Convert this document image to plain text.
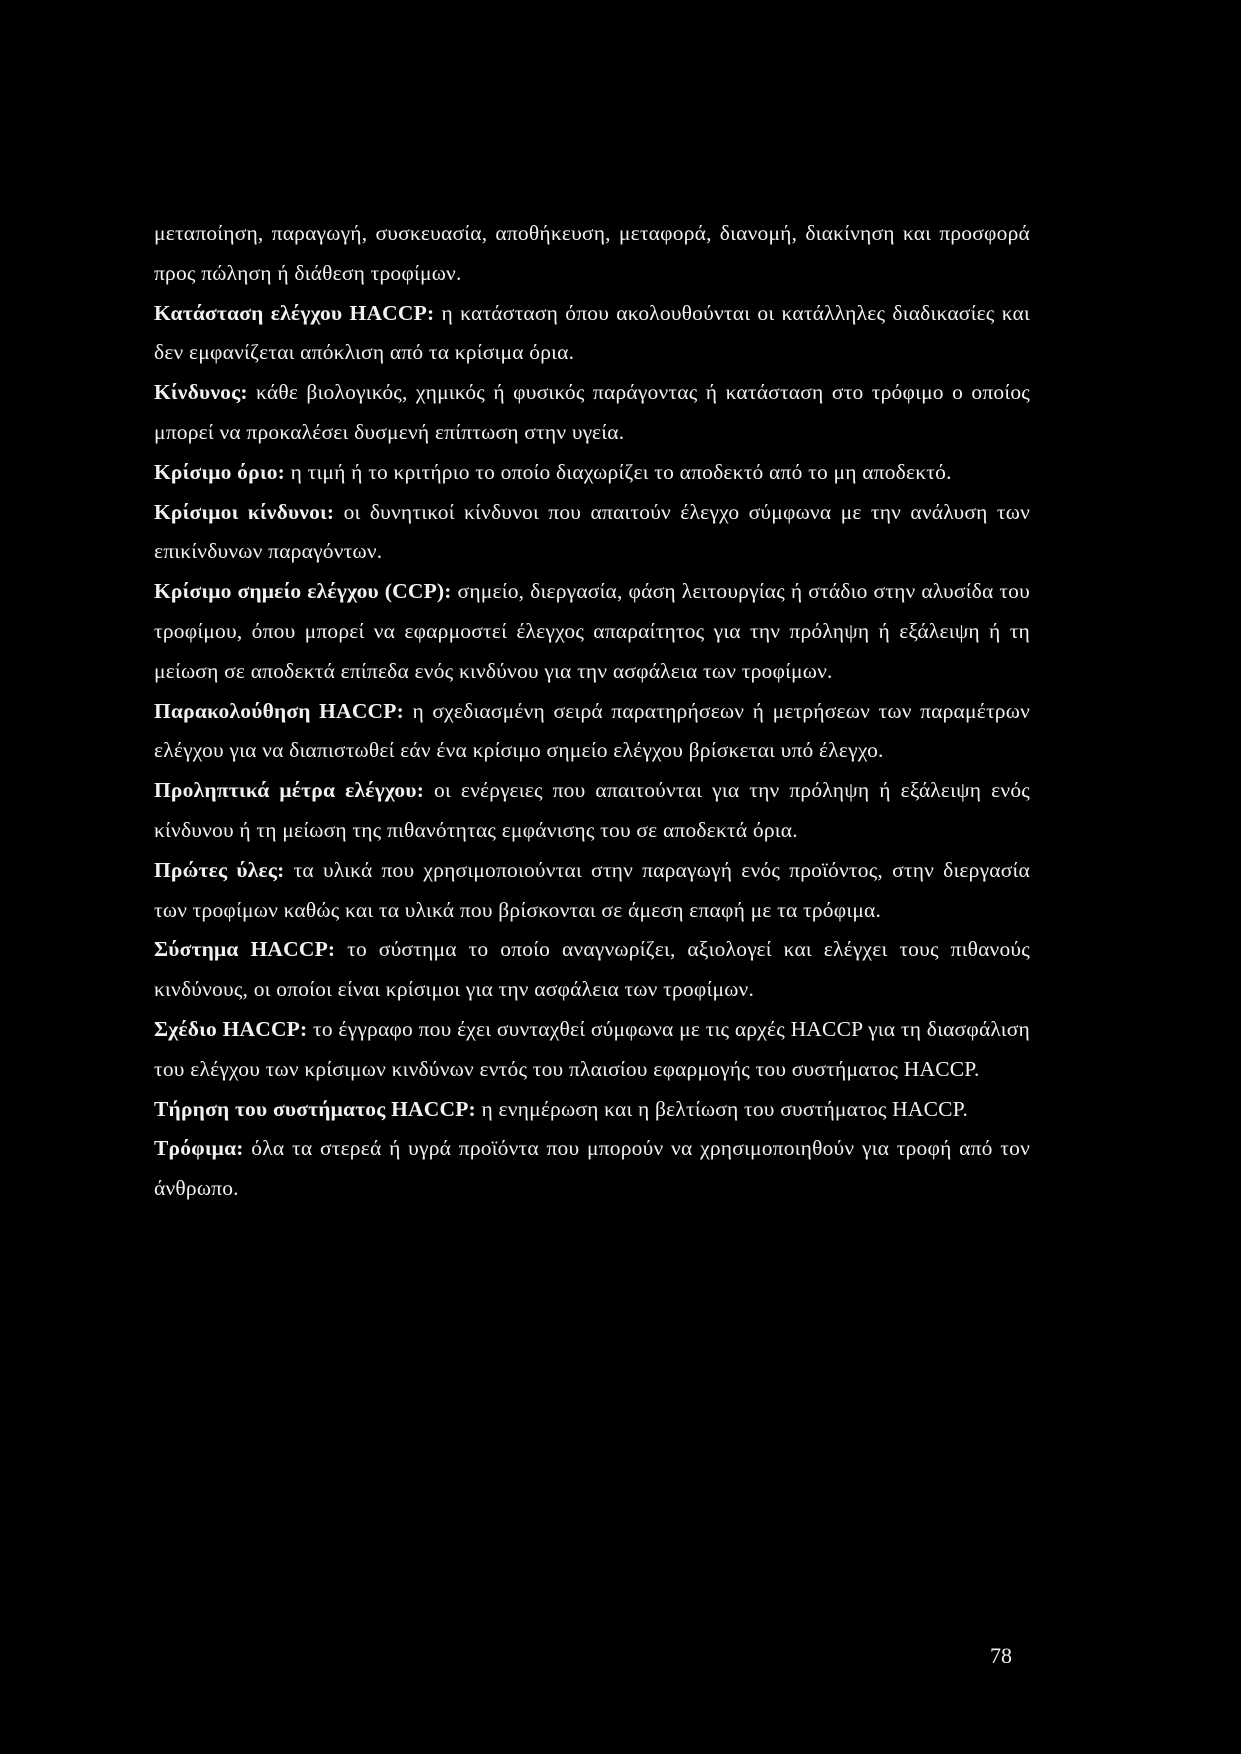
μεταποίηση, παραγωγή, συσκευασία, αποθήκευση, μεταφορά, διανομή, διακίνηση και προσφορά προς πώληση ή διάθεση τροφίμων.

Κατάσταση ελέγχου HACCP: η κατάσταση όπου ακολουθούνται οι κατάλληλες διαδικασίες και δεν εμφανίζεται απόκλιση από τα κρίσιμα όρια.

Κίνδυνος: κάθε βιολογικός, χημικός ή φυσικός παράγοντας ή κατάσταση στο τρόφιμο ο οποίος μπορεί να προκαλέσει δυσμενή επίπτωση στην υγεία.

Κρίσιμο όριο: η τιμή ή το κριτήριο το οποίο διαχωρίζει το αποδεκτό από το μη αποδεκτό.

Κρίσιμοι κίνδυνοι: οι δυνητικοί κίνδυνοι που απαιτούν έλεγχο σύμφωνα με την ανάλυση των επικίνδυνων παραγόντων.

Κρίσιμο σημείο ελέγχου (CCP): σημείο, διεργασία, φάση λειτουργίας ή στάδιο στην αλυσίδα του τροφίμου, όπου μπορεί να εφαρμοστεί έλεγχος απαραίτητος για την πρόληψη ή εξάλειψη ή τη μείωση σε αποδεκτά επίπεδα ενός κινδύνου για την ασφάλεια των τροφίμων.

Παρακολούθηση HACCP: η σχεδιασμένη σειρά παρατηρήσεων ή μετρήσεων των παραμέτρων ελέγχου για να διαπιστωθεί εάν ένα κρίσιμο σημείο ελέγχου βρίσκεται υπό έλεγχο.

Προληπτικά μέτρα ελέγχου: οι ενέργειες που απαιτούνται για την πρόληψη ή εξάλειψη ενός κίνδυνου ή τη μείωση της πιθανότητας εμφάνισης του σε αποδεκτά όρια.

Πρώτες ύλες: τα υλικά που χρησιμοποιούνται στην παραγωγή ενός προϊόντος, στην διεργασία των τροφίμων καθώς και τα υλικά που βρίσκονται σε άμεση επαφή με τα τρόφιμα.

Σύστημα HACCP: το σύστημα το οποίο αναγνωρίζει, αξιολογεί και ελέγχει τους πιθανούς κινδύνους, οι οποίοι είναι κρίσιμοι για την ασφάλεια των τροφίμων.

Σχέδιο HACCP: το έγγραφο που έχει συνταχθεί σύμφωνα με τις αρχές HACCP για τη διασφάλιση του ελέγχου των κρίσιμων κινδύνων εντός του πλαισίου εφαρμογής του συστήματος HACCP.

Τήρηση του συστήματος HACCP: η ενημέρωση και η βελτίωση του συστήματος HACCP.

Τρόφιμα: όλα τα στερεά ή υγρά προϊόντα που μπορούν να χρησιμοποιηθούν για τροφή από τον άνθρωπο.

78
